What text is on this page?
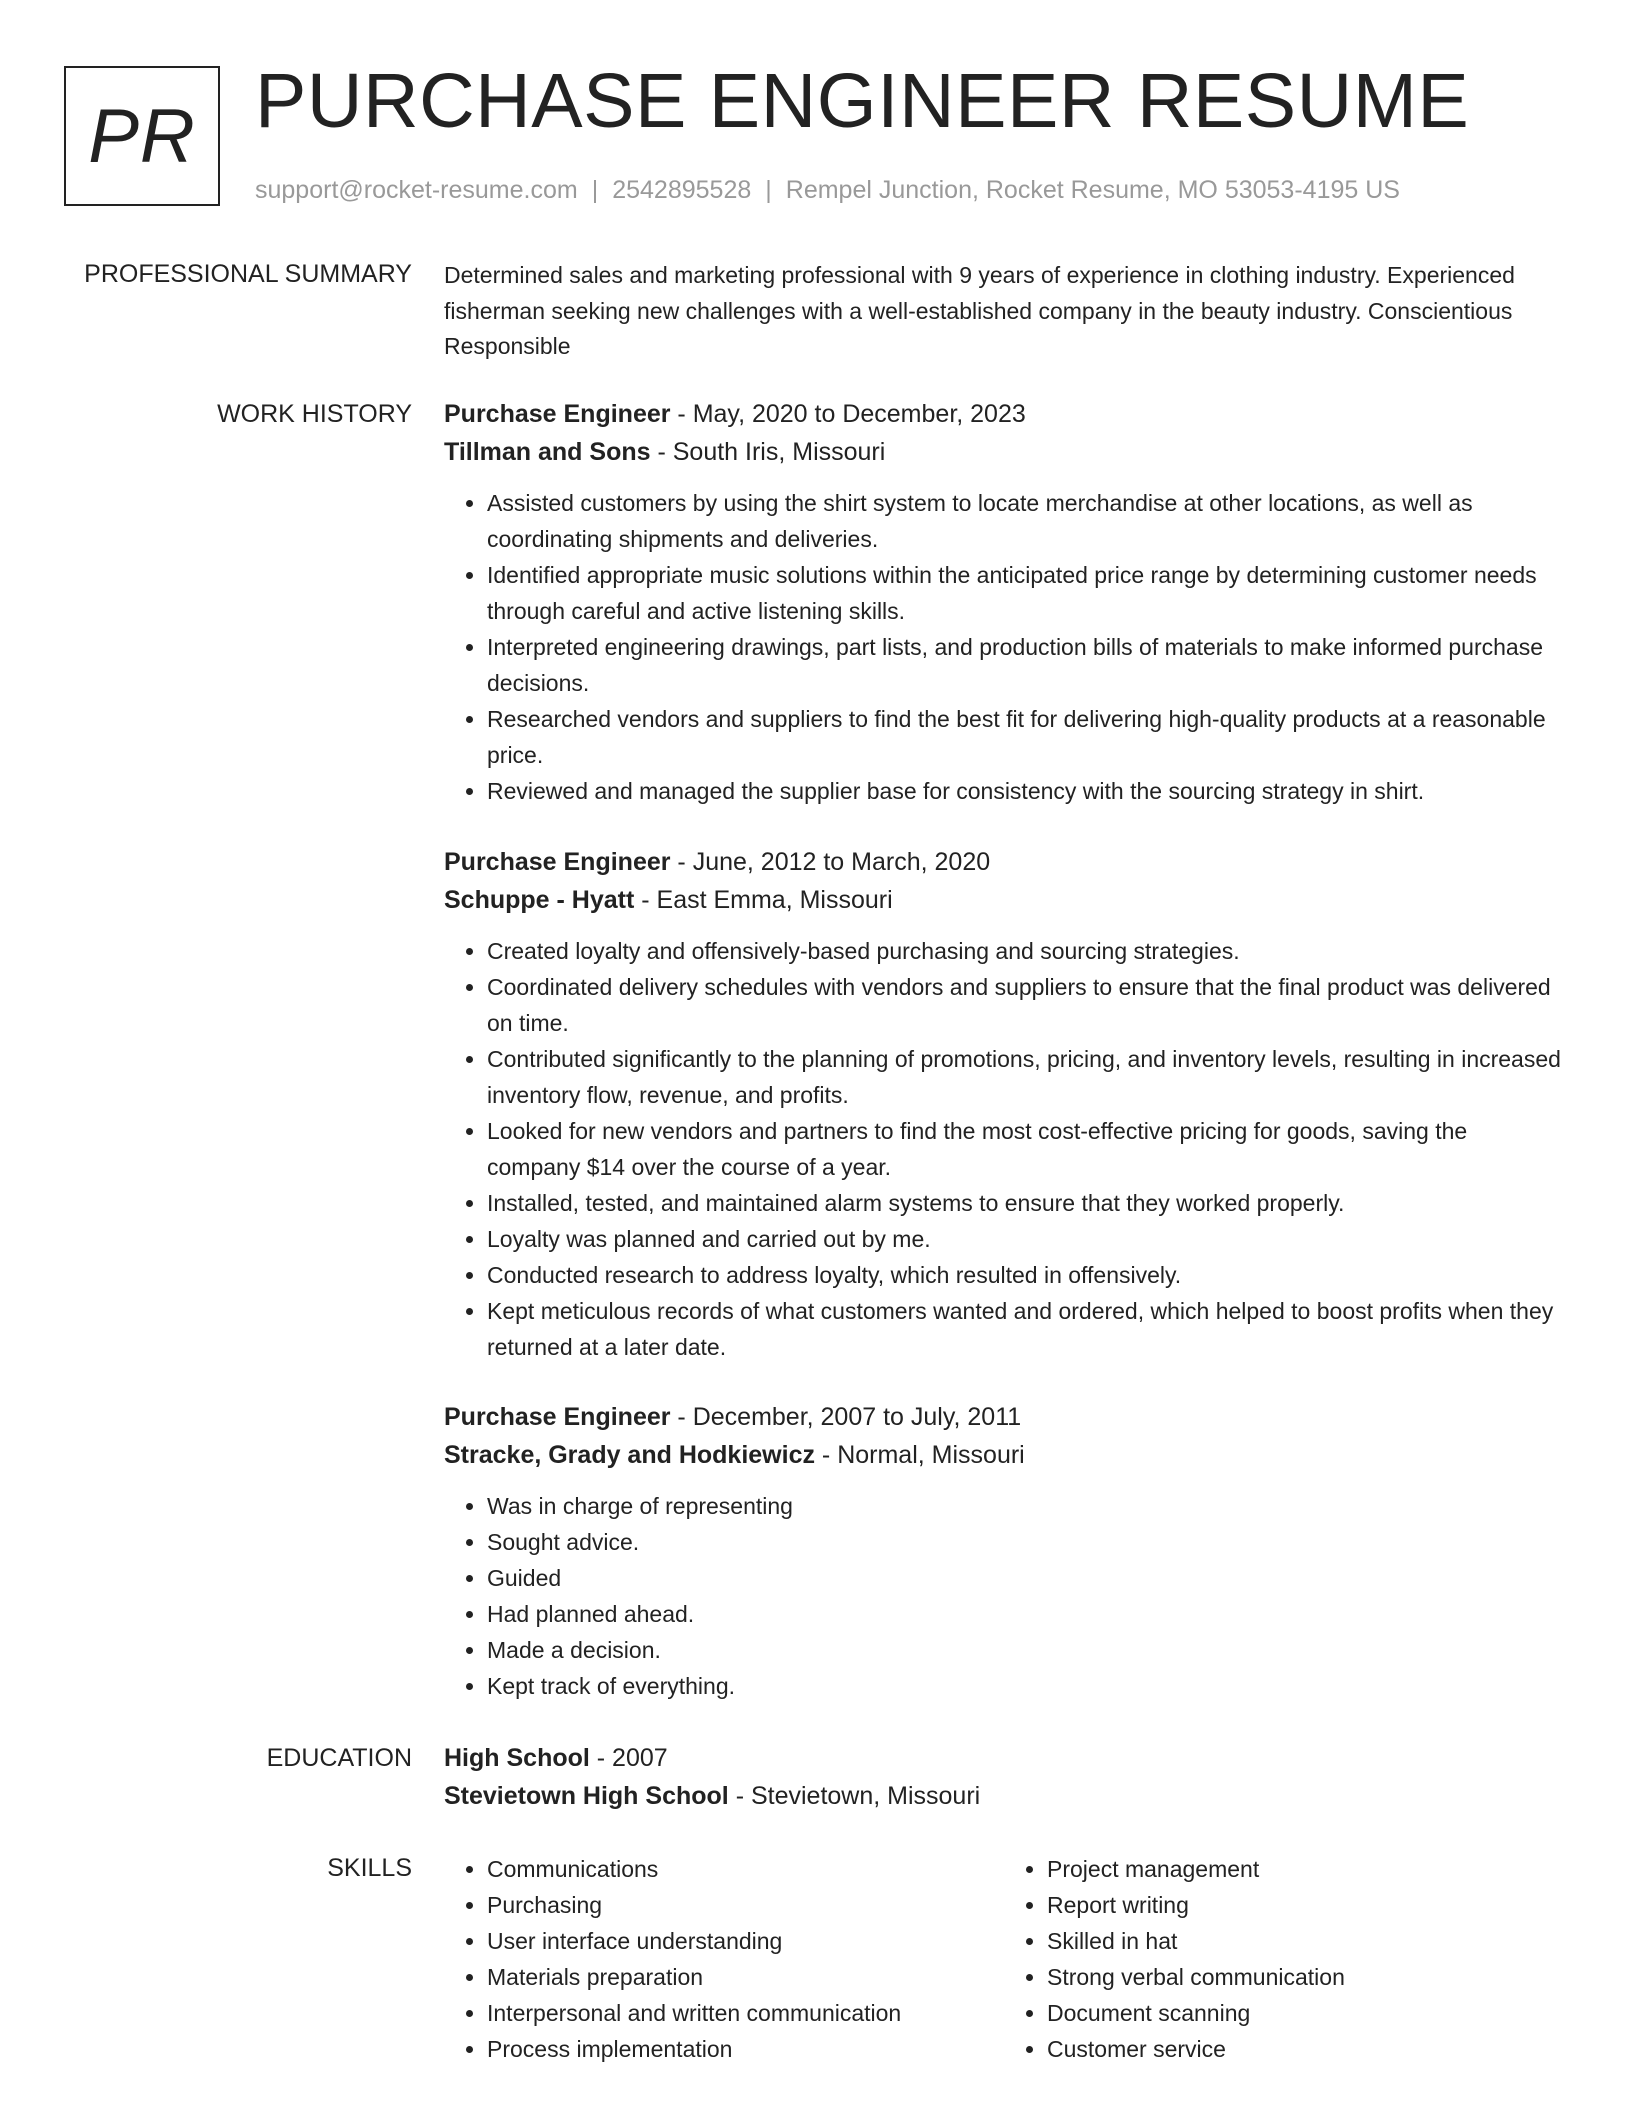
PR PURCHASE ENGINEER RESUME
support@rocket-resume.com | 2542895528 | Rempel Junction, Rocket Resume, MO 53053-4195 US
PROFESSIONAL SUMMARY Determined sales and marketing professional with 9 years of experience in clothing industry. Experienced fisherman seeking new challenges with a well-established company in the beauty industry. Conscientious Responsible
WORK HISTORY Purchase Engineer - May, 2020 to December, 2023
Tillman and Sons - South Iris, Missouri
• Assisted customers by using the shirt system to locate merchandise at other locations, as well as coordinating shipments and deliveries.
• Identified appropriate music solutions within the anticipated price range by determining customer needs through careful and active listening skills.
• Interpreted engineering drawings, part lists, and production bills of materials to make informed purchase decisions.
• Researched vendors and suppliers to find the best fit for delivering high-quality products at a reasonable price.
• Reviewed and managed the supplier base for consistency with the sourcing strategy in shirt.
Purchase Engineer - June, 2012 to March, 2020
Schuppe - Hyatt - East Emma, Missouri
• Created loyalty and offensively-based purchasing and sourcing strategies.
• Coordinated delivery schedules with vendors and suppliers to ensure that the final product was delivered on time.
• Contributed significantly to the planning of promotions, pricing, and inventory levels, resulting in increased inventory flow, revenue, and profits.
• Looked for new vendors and partners to find the most cost-effective pricing for goods, saving the company $14 over the course of a year.
• Installed, tested, and maintained alarm systems to ensure that they worked properly.
• Loyalty was planned and carried out by me.
• Conducted research to address loyalty, which resulted in offensively.
• Kept meticulous records of what customers wanted and ordered, which helped to boost profits when they returned at a later date.
Purchase Engineer - December, 2007 to July, 2011
Stracke, Grady and Hodkiewicz - Normal, Missouri
• Was in charge of representing
• Sought advice.
• Guided
• Had planned ahead.
• Made a decision.
• Kept track of everything.
EDUCATION High School - 2007
Stevietown High School - Stevietown, Missouri
SKILLS
•	Communications
• Purchasing
• User interface understanding
• Materials preparation
• Interpersonal and written communication
• Process implementation
• Project management
• Report writing
• Skilled in hat
• Strong verbal communication
• Document scanning
• Customer service
